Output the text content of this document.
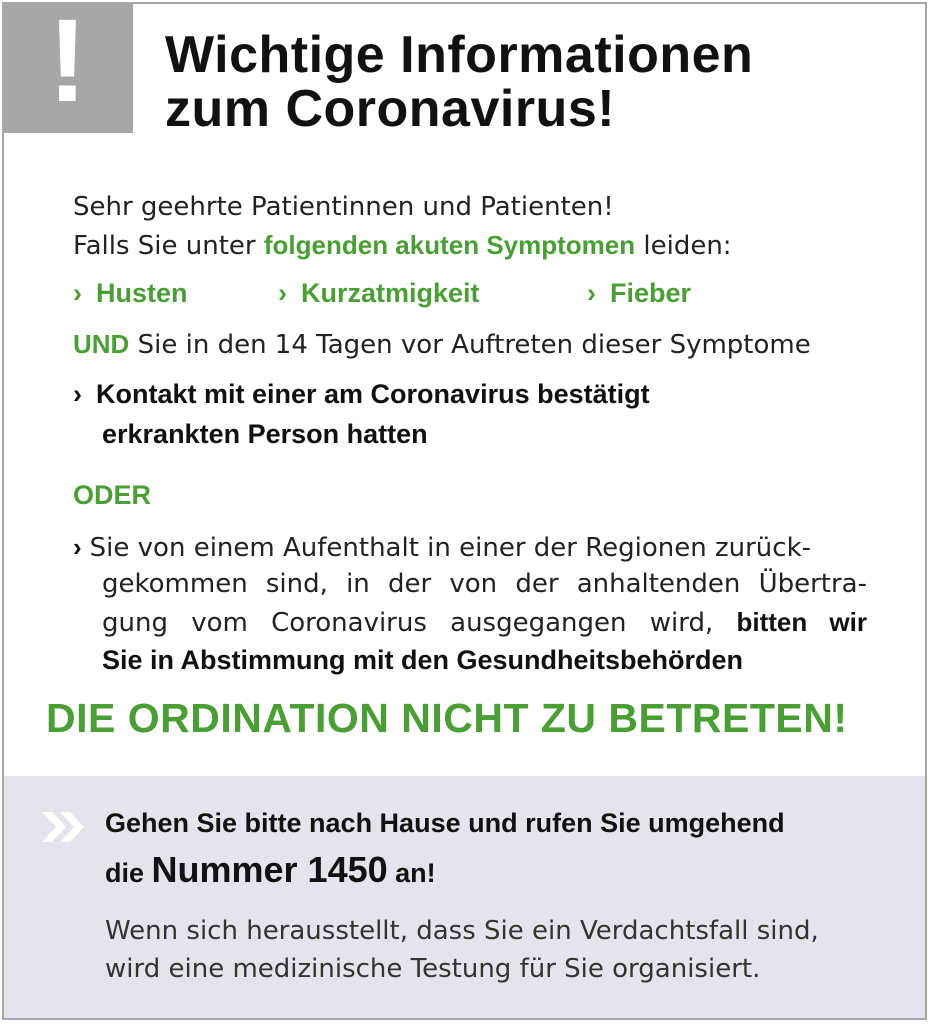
!	Wichtige Informationen
zum Coronavirus!

Sehr geehrte Patientinnen und Patienten!

Falls Sie unter folgenden akuten Symptomen leiden:

› Husten	› Kurzatmigkeit	› Fieber

UND Sie in den 14 Tagen vor Auftreten dieser Symptome

› Kontakt mit einer am Coronavirus bestätigt

erkrankten Person hatten

ODER

› Sie von einem Aufenthalt in einer der Regionen zurück-

gekommen sind, in der von der anhaltenden Übertra-

gung vom Coronavirus ausgegangen wird, bitten wir

Sie in Abstimmung mit den Gesundheitsbehörden

DIE ORDINATION NICHT ZU BETRETEN!

Gehen Sie bitte nach Hause und rufen Sie umgehend
die Nummer 1450 an!
Wenn sich herausstellt, dass Sie ein Verdachtsfall sind,
wird eine medizinische Testung für Sie organisiert.
